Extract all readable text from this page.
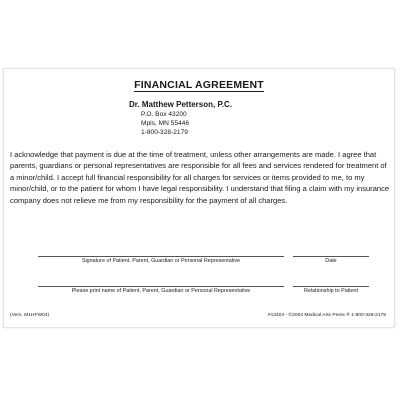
FINANCIAL AGREEMENT
Dr. Matthew Petterson, P.C.
P.O. Box 43200
Mpls, MN 55446
1-800-328-2179
I acknowledge that payment is due at the time of treatment, unless other arrangements are made. I agree that parents, guardians or personal representatives are responsible for all fees and services rendered for treatment of a minor/child. I accept full financial responsibility for all charges for services or items provided to me, to my minor/child, or to the patient for whom I have legal responsibility. I understand that filing a claim with my insurance company does not relieve me from my responsibility for the payment of all charges.
Signature of Patient, Parent, Guardian or Personal Representative	Date
Please print name of Patient, Parent, Guardian or Personal Representative	Relationship to Patient
(Vers. M1HFW04)	#13404 - ©2004 Medical Arts Press ® 1-800-328-2179
